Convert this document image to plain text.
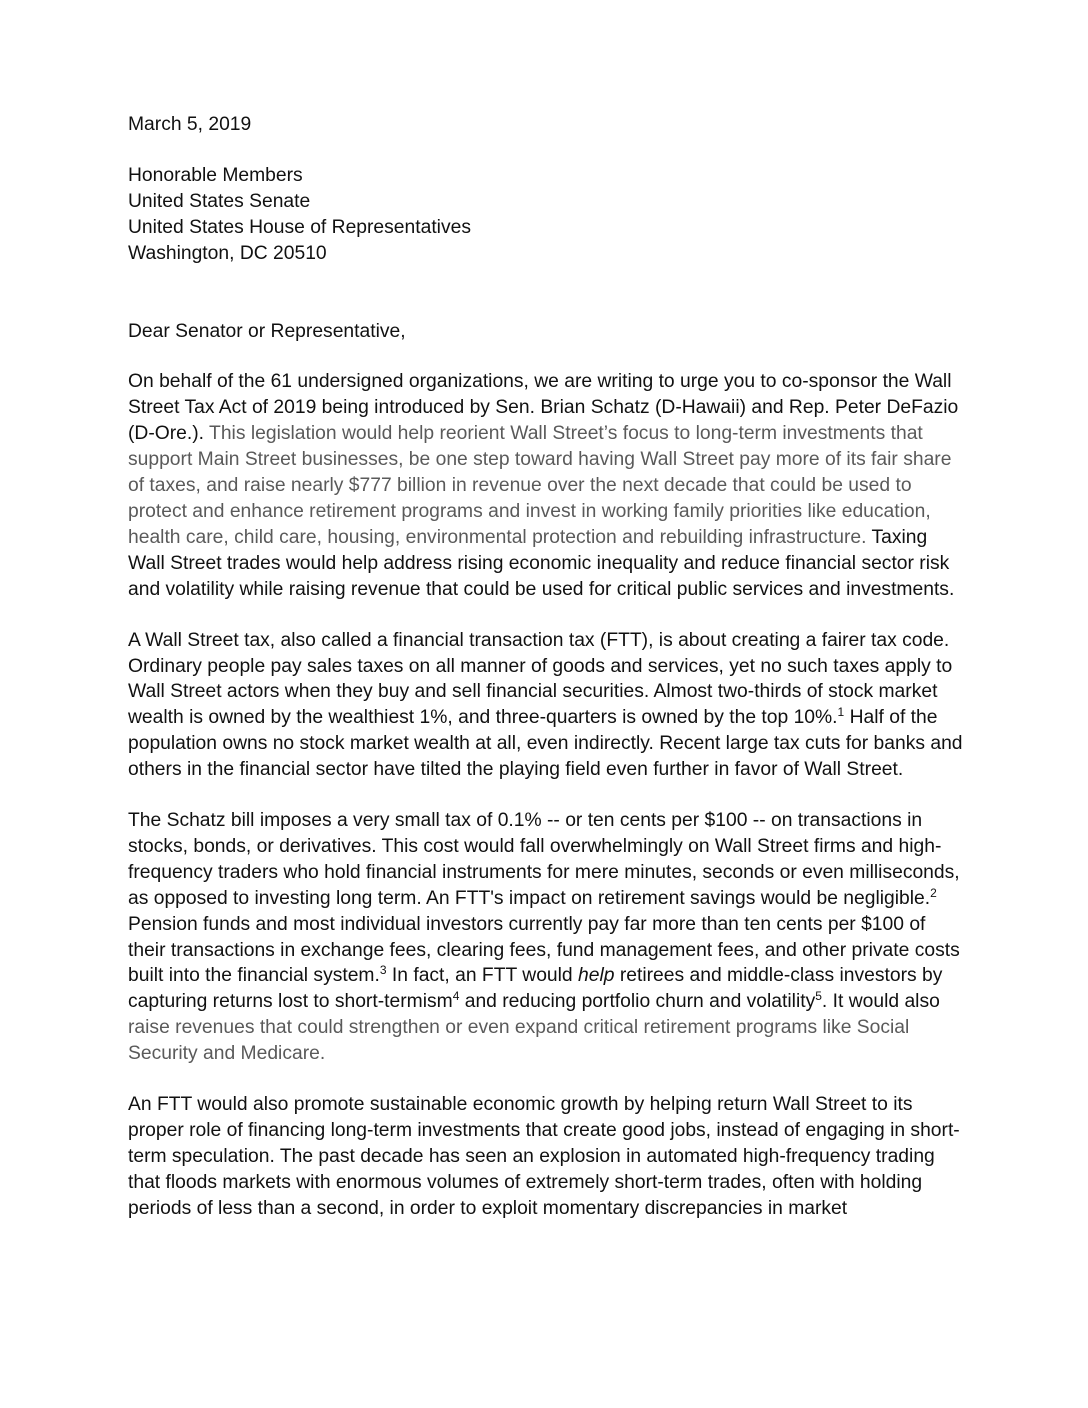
March 5, 2019
Honorable Members
United States Senate
United States House of Representatives
Washington, DC 20510
Dear Senator or Representative,

On behalf of the 61 undersigned organizations, we are writing to urge you to co-sponsor the Wall Street Tax Act of 2019 being introduced by Sen. Brian Schatz (D-Hawaii) and Rep. Peter DeFazio (D-Ore.). This legislation would help reorient Wall Street’s focus to long-term investments that support Main Street businesses, be one step toward having Wall Street pay more of its fair share of taxes, and raise nearly $777 billion in revenue over the next decade that could be used to protect and enhance retirement programs and invest in working family priorities like education, health care, child care, housing, environmental protection and rebuilding infrastructure. Taxing Wall Street trades would help address rising economic inequality and reduce financial sector risk and volatility while raising revenue that could be used for critical public services and investments.

A Wall Street tax, also called a financial transaction tax (FTT), is about creating a fairer tax code. Ordinary people pay sales taxes on all manner of goods and services, yet no such taxes apply to Wall Street actors when they buy and sell financial securities. Almost two-thirds of stock market wealth is owned by the wealthiest 1%, and three-quarters is owned by the top 10%.$^1$ Half of the population owns no stock market wealth at all, even indirectly. Recent large tax cuts for banks and others in the financial sector have tilted the playing field even further in favor of Wall Street.

The Schatz bill imposes a very small tax of 0.1% -- or ten cents per $100 -- on transactions in stocks, bonds, or derivatives. This cost would fall overwhelmingly on Wall Street firms and high-frequency traders who hold financial instruments for mere minutes, seconds or even milliseconds, as opposed to investing long term. An FTT's impact on retirement savings would be negligible.$^2$ Pension funds and most individual investors currently pay far more than ten cents per $100 of their transactions in exchange fees, clearing fees, fund management fees, and other private costs built into the financial system.$^3$ In fact, an FTT would help retirees and middle-class investors by capturing returns lost to short-termism$^4$ and reducing portfolio churn and volatility$^5$. It would also raise revenues that could strengthen or even expand critical retirement programs like Social Security and Medicare.

An FTT would also promote sustainable economic growth by helping return Wall Street to its proper role of financing long-term investments that create good jobs, instead of engaging in short-term speculation. The past decade has seen an explosion in automated high-frequency trading that floods markets with enormous volumes of extremely short-term trades, often with holding periods of less than a second, in order to exploit momentary discrepancies in market
